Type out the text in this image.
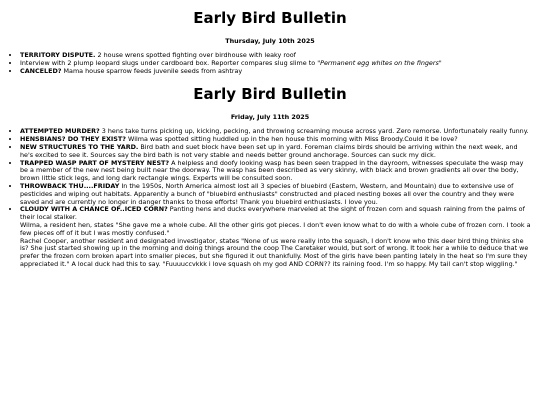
Early Bird Bulletin
Thursday, July 10th 2025
• TERRITORY DISPUTE. 2 house wrens spotted fighting over birdhouse with leaky roof
• Interview with 2 plump leopard slugs under cardboard box. Reporter compares slug slime to "Permanent egg whites on the fingers"
• CANCELED? Mama house sparrow feeds juvenile seeds from ashtray
Early Bird Bulletin
Friday, July 11th 2025
• ATTEMPTED MURDER? 3 hens take turns picking up, kicking, pecking, and throwing screaming mouse across yard. Zero remorse. Unfortunately really funny.
• HENSBIANS? DO THEY EXIST? Wilma was spotted sitting huddled up in the hen house this morning with Miss Broody.Could it be love?
• NEW STRUCTURES TO THE YARD. Bird bath and suet block have been set up in yard. Foreman claims birds should be arriving within the next week, and he's excited to see it. Sources say the bird bath is not very stable and needs better ground anchorage. Sources can suck my dick.
• TRAPPED WASP PART OF MYSTERY NEST? A helpless and doofy looking wasp has been seen trapped in the dayroom, witnesses speculate the wasp may be a member of the new nest being built near the doorway. The wasp has been described as very skinny, with black and brown gradients all over the body, brown little stick legs, and long dark rectangle wings. Experts will be consulted soon.
• THROWBACK THU....FRIDAY In the 1950s, North America almost lost all 3 species of bluebird (Eastern, Western, and Mountain) due to extensive use of pesticides and wiping out habitats. Apparently a bunch of "bluebird enthusiasts" constructed and placed nesting boxes all over the country and they were saved and are currently no longer in danger thanks to those efforts! Thank you bluebird enthusiasts. I love you.
• CLOUDY WITH A CHANCE OF..ICED CORN? Panting hens and ducks everywhere marveled at the sight of frozen corn and squash raining from the palms of their local stalker.
Wilma, a resident hen, states "She gave me a whole cube. All the other girls got pieces. I don't even know what to do with a whole cube of frozen corn. I took a few pieces off of it but I was mostly confused."
Rachel Cooper, another resident and designated investigator, states "None of us were really into the squash, I don't know who this deer bird thing thinks she is? She just started showing up in the morning and doing things around the coop The Caretaker would, but sort of wrong. It took her a while to deduce that we prefer the frozen corn broken apart into smaller pieces, but she figured it out thankfully. Most of the girls have been panting lately in the heat so I'm sure they appreciated it." A local duck had this to say. "Fuuuuccvkkk i love squash oh my god AND CORN?? its raining food. I'm so happy. My tail can't stop wiggling."
